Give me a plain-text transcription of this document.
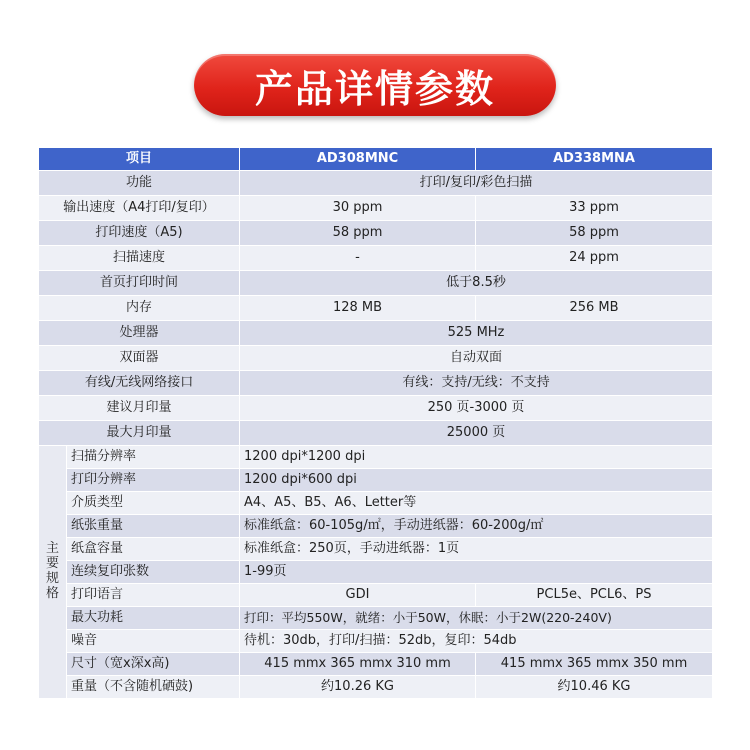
产品详情参数
项目		AD308MNC	AD338MNA
功能		打印/复印/彩色扫描	
输出速度（A4打印/复印）		30 ppm	33 ppm
打印速度（A5)		58 ppm	58 ppm
扫描速度		-	24 ppm
首页打印时间		低于8.5秒	
内存		128 MB	256 MB
处理器		525 MHz	
双面器		自动双面	
有线/无线网络接口		有线：支持/无线：不支持	
建议月印量		250 页-3000 页	
最大月印量		25000 页	
主要规格	扫描分辨率	1200 dpi*1200 dpi	
	打印分辨率	1200 dpi*600 dpi	
	介质类型	A4、A5、B5、A6、Letter等	
	纸张重量	标准纸盒：60-105g/㎡，手动进纸器：60-200g/㎡	
	纸盒容量	标准纸盒：250页，手动进纸器：1页	
	连续复印张数	1-99页	
	打印语言	GDI	PCL5e、PCL6、PS
	最大功耗	打印：平均550W，就绪：小于50W，休眠：小于2W(220-240V)	
	噪音	待机：30db，打印/扫描：52db，复印：54db	
	尺寸（宽x深x高)	415 mmx 365 mmx 310 mm	415 mmx 365 mmx 350 mm
	重量（不含随机硒鼓)	约10.26 KG	约10.46 KG
